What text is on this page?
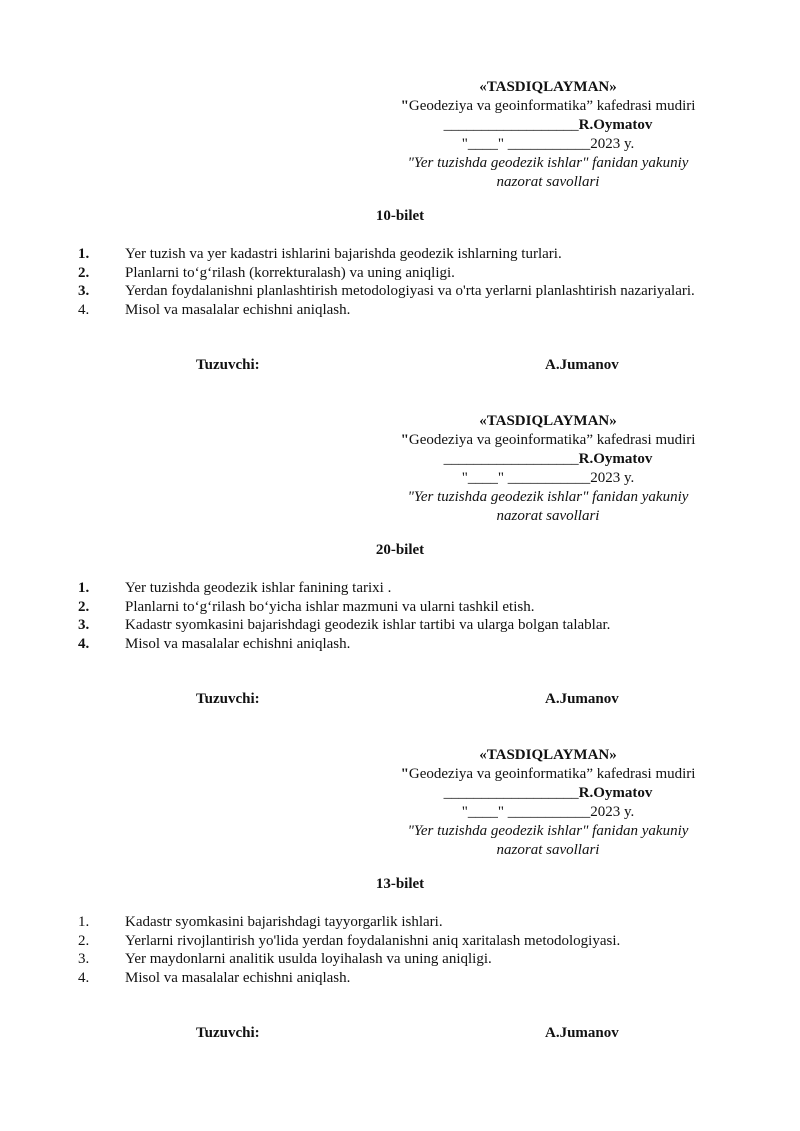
«TASDIQLAYMAN»
"Geodeziya va geoinformatika” kafedrasi mudiri
__________________R.Oymatov
"____" ___________2023 y.
"Yer tuzishda geodezik ishlar" fanidan yakuniy
nazorat savollari
10-bilet
1.	Yer tuzish va yer kadastri ishlarini bajarishda geodezik ishlarning turlari.
2.	Planlarni to‘g‘rilash (korrekturalash) va uning aniqligi.
3.	Yerdan foydalanishni planlashtirish metodologiyasi va o'rta yerlarni planlashtirish nazariyalari.
4.	Misol va masalalar echishni aniqlash.
Tuzuvchi:	A.Jumanov
«TASDIQLAYMAN»
"Geodeziya va geoinformatika” kafedrasi mudiri
__________________R.Oymatov
"____" ___________2023 y.
"Yer tuzishda geodezik ishlar" fanidan yakuniy
nazorat savollari
20-bilet
1.	Yer tuzishda geodezik ishlar fanining tarixi .
2.	Planlarni to‘g‘rilash bo‘yicha ishlar mazmuni va ularni tashkil etish.
3.	Kadastr syomkasini bajarishdagi geodezik ishlar tartibi va ularga bolgan talablar.
4.	Misol va masalalar echishni aniqlash.
Tuzuvchi:	A.Jumanov
«TASDIQLAYMAN»
"Geodeziya va geoinformatika” kafedrasi mudiri
__________________R.Oymatov
"____" ___________2023 y.
"Yer tuzishda geodezik ishlar" fanidan yakuniy
nazorat savollari
13-bilet
1.	Kadastr syomkasini bajarishdagi tayyorgarlik ishlari.
2.	Yerlarni rivojlantirish yo'lida yerdan foydalanishni aniq xaritalash metodologiyasi.
3.	Yer maydonlarni analitik usulda loyihalash va uning aniqligi.
4.	Misol va masalalar echishni aniqlash.
Tuzuvchi:	A.Jumanov
